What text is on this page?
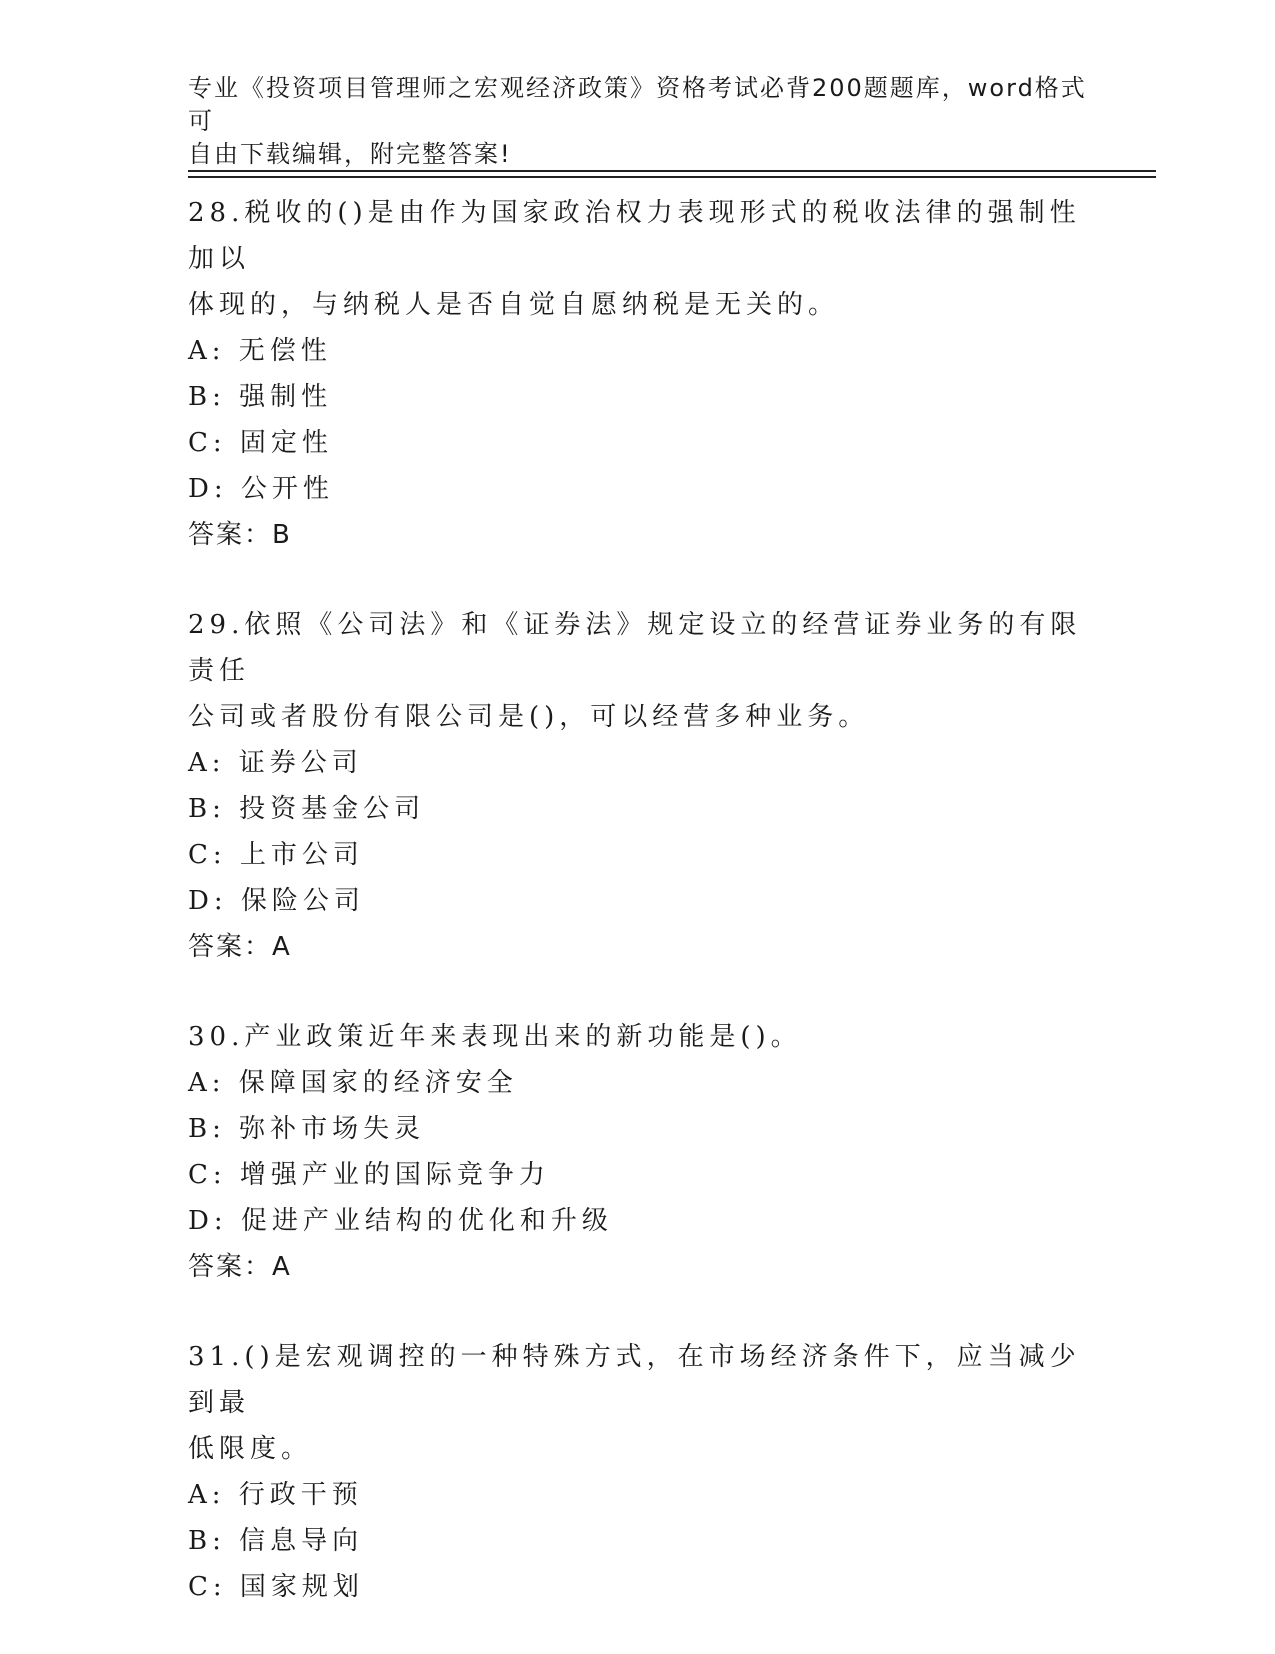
专业《投资项目管理师之宏观经济政策》资格考试必背200题题库，word格式可
自由下载编辑，附完整答案!
28.税收的()是由作为国家政治权力表现形式的税收法律的强制性加以
体现的，与纳税人是否自觉自愿纳税是无关的。
A: 无偿性
B: 强制性
C: 固定性
D: 公开性
答案：B
29.依照《公司法》和《证券法》规定设立的经营证券业务的有限责任
公司或者股份有限公司是()，可以经营多种业务。
A: 证券公司
B: 投资基金公司
C: 上市公司
D: 保险公司
答案：A
30.产业政策近年来表现出来的新功能是()。
A: 保障国家的经济安全
B: 弥补市场失灵
C: 增强产业的国际竞争力
D: 促进产业结构的优化和升级
答案：A
31.()是宏观调控的一种特殊方式，在市场经济条件下，应当减少到最
低限度。
A: 行政干预
B: 信息导向
C: 国家规划
